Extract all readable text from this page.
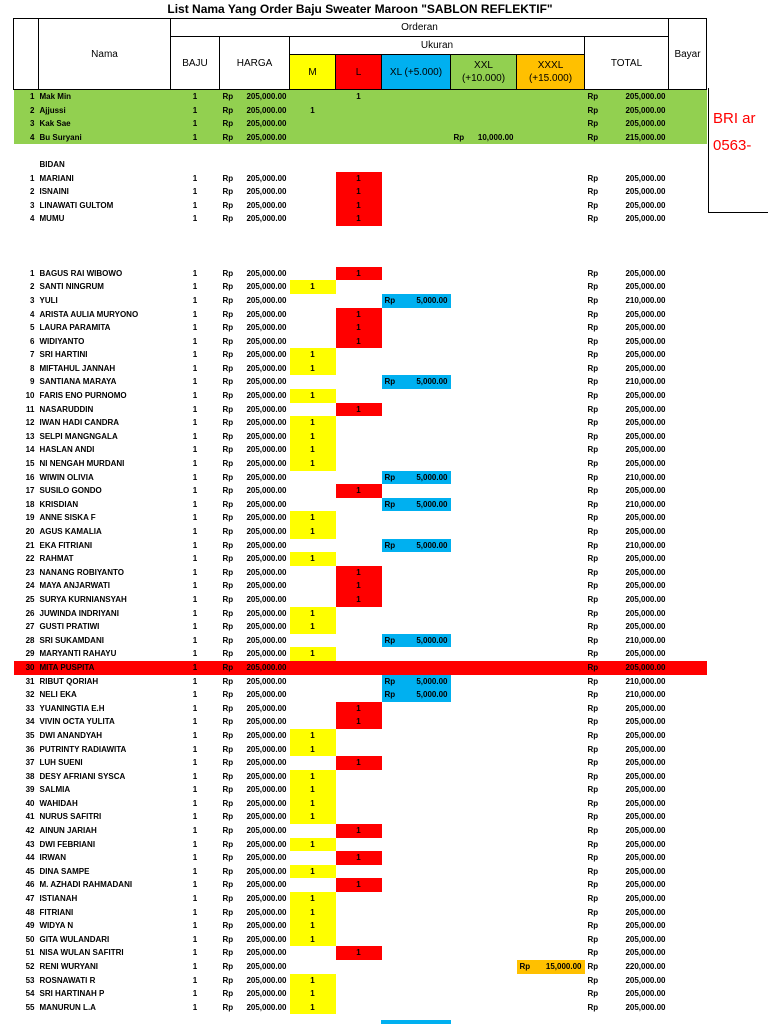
List Nama Yang Order Baju Sweater Maroon "SABLON REFLEKTIF"
	Nama	Orderan								Bayar
		BAJU	HARGA	Ukuran					TOTAL	
				M	L	XL (+5.000)	XXL (+10.000)	XXXL (+15.000)		
1	Mak Min	1	Rp 205,000.00		1				Rp 205,000.00	

2	Ajjussi	1	Rp 205,000.00	1					Rp 205,000.00	

3	Kak Sae	1	Rp 205,000.00						Rp 205,000.00	

4	Bu Suryani	1	Rp 205,000.00				Rp 10,000.00		Rp 215,000.00	

	BIDAN									
1	MARIANI	1	Rp 205,000.00		1				Rp 205,000.00	

2	ISNAINI	1	Rp 205,000.00		1				Rp 205,000.00	

3	LINAWATI GULTOM	1	Rp 205,000.00		1				Rp 205,000.00	

4	MUMU	1	Rp 205,000.00		1				Rp 205,000.00	

1	BAGUS RAI WIBOWO	1	Rp 205,000.00		1				Rp 205,000.00	

2	SANTI NINGRUM	1	Rp 205,000.00	1					Rp 205,000.00	

3	YULI	1	Rp 205,000.00			Rp 5,000.00			Rp 210,000.00	

4	ARISTA AULIA MURYONO	1	Rp 205,000.00		1				Rp 205,000.00	

5	LAURA PARAMITA	1	Rp 205,000.00		1				Rp 205,000.00	

6	WIDIYANTO	1	Rp 205,000.00		1				Rp 205,000.00	

7	SRI HARTINI	1	Rp 205,000.00	1					Rp 205,000.00	

8	MIFTAHUL JANNAH	1	Rp 205,000.00	1					Rp 205,000.00	

9	SANTIANA MARAYA	1	Rp 205,000.00			Rp 5,000.00			Rp 210,000.00	

10	FARIS ENO PURNOMO	1	Rp 205,000.00	1					Rp 205,000.00	

11	NASARUDDIN	1	Rp 205,000.00		1				Rp 205,000.00	

12	IWAN HADI CANDRA	1	Rp 205,000.00	1					Rp 205,000.00	

13	SELPI MANGNGALA	1	Rp 205,000.00	1					Rp 205,000.00	

14	HASLAN ANDI	1	Rp 205,000.00	1					Rp 205,000.00	

15	NI NENGAH MURDANI	1	Rp 205,000.00	1					Rp 205,000.00	

16	WIWIN OLIVIA	1	Rp 205,000.00			Rp 5,000.00			Rp 210,000.00	

17	SUSILO GONDO	1	Rp 205,000.00		1				Rp 205,000.00	

18	KRISDIAN	1	Rp 205,000.00			Rp 5,000.00			Rp 210,000.00	

19	ANNE SISKA F	1	Rp 205,000.00	1					Rp 205,000.00	

20	AGUS KAMALIA	1	Rp 205,000.00	1					Rp 205,000.00	

21	EKA FITRIANI	1	Rp 205,000.00			Rp 5,000.00			Rp 210,000.00	

22	RAHMAT	1	Rp 205,000.00	1					Rp 205,000.00	

23	NANANG ROBIYANTO	1	Rp 205,000.00		1				Rp 205,000.00	

24	MAYA ANJARWATI	1	Rp 205,000.00		1				Rp 205,000.00	

25	SURYA KURNIANSYAH	1	Rp 205,000.00		1				Rp 205,000.00	

26	JUWINDA INDRIYANI	1	Rp 205,000.00	1					Rp 205,000.00	

27	GUSTI PRATIWI	1	Rp 205,000.00	1					Rp 205,000.00	

28	SRI SUKAMDANI	1	Rp 205,000.00			Rp 5,000.00			Rp 210,000.00	

29	MARYANTI RAHAYU	1	Rp 205,000.00	1					Rp 205,000.00	

30	MITA PUSPITA	1	Rp 205,000.00						Rp 205,000.00	

31	RIBUT QORIAH	1	Rp 205,000.00			Rp 5,000.00			Rp 210,000.00	

32	NELI EKA	1	Rp 205,000.00			Rp 5,000.00			Rp 210,000.00	

33	YUANINGTIA E.H	1	Rp 205,000.00		1				Rp 205,000.00	

34	VIVIN OCTA YULITA	1	Rp 205,000.00		1				Rp 205,000.00	

35	DWI ANANDYAH	1	Rp 205,000.00	1					Rp 205,000.00	

36	PUTRINTY RADIAWITA	1	Rp 205,000.00	1					Rp 205,000.00	

37	LUH SUENI	1	Rp 205,000.00		1				Rp 205,000.00	

38	DESY AFRIANI SYSCA	1	Rp 205,000.00	1					Rp 205,000.00	

39	SALMIA	1	Rp 205,000.00	1					Rp 205,000.00	

40	WAHIDAH	1	Rp 205,000.00	1					Rp 205,000.00	

41	NURUS SAFITRI	1	Rp 205,000.00	1					Rp 205,000.00	

42	AINUN JARIAH	1	Rp 205,000.00		1				Rp 205,000.00	

43	DWI FEBRIANI	1	Rp 205,000.00	1					Rp 205,000.00	

44	IRWAN	1	Rp 205,000.00		1				Rp 205,000.00	

45	DINA SAMPE	1	Rp 205,000.00	1					Rp 205,000.00	

46	M. AZHADI RAHMADANI	1	Rp 205,000.00		1				Rp 205,000.00	

47	ISTIANAH	1	Rp 205,000.00	1					Rp 205,000.00	

48	FITRIANI	1	Rp 205,000.00	1					Rp 205,000.00	

49	WIDYA N	1	Rp 205,000.00	1					Rp 205,000.00	

50	GITA WULANDARI	1	Rp 205,000.00	1					Rp 205,000.00	

51	NISA WULAN SAFITRI	1	Rp 205,000.00		1				Rp 205,000.00	

52	RENI WURYANI	1	Rp 205,000.00					Rp 15,000.00	Rp 220,000.00	

53	ROSNAWATI R	1	Rp 205,000.00	1					Rp 205,000.00	

54	SRI HARTINAH P	1	Rp 205,000.00	1					Rp 205,000.00	

55	MANURUN L.A	1	Rp 205,000.00	1					Rp 205,000.00	

BRI ar
0563-
